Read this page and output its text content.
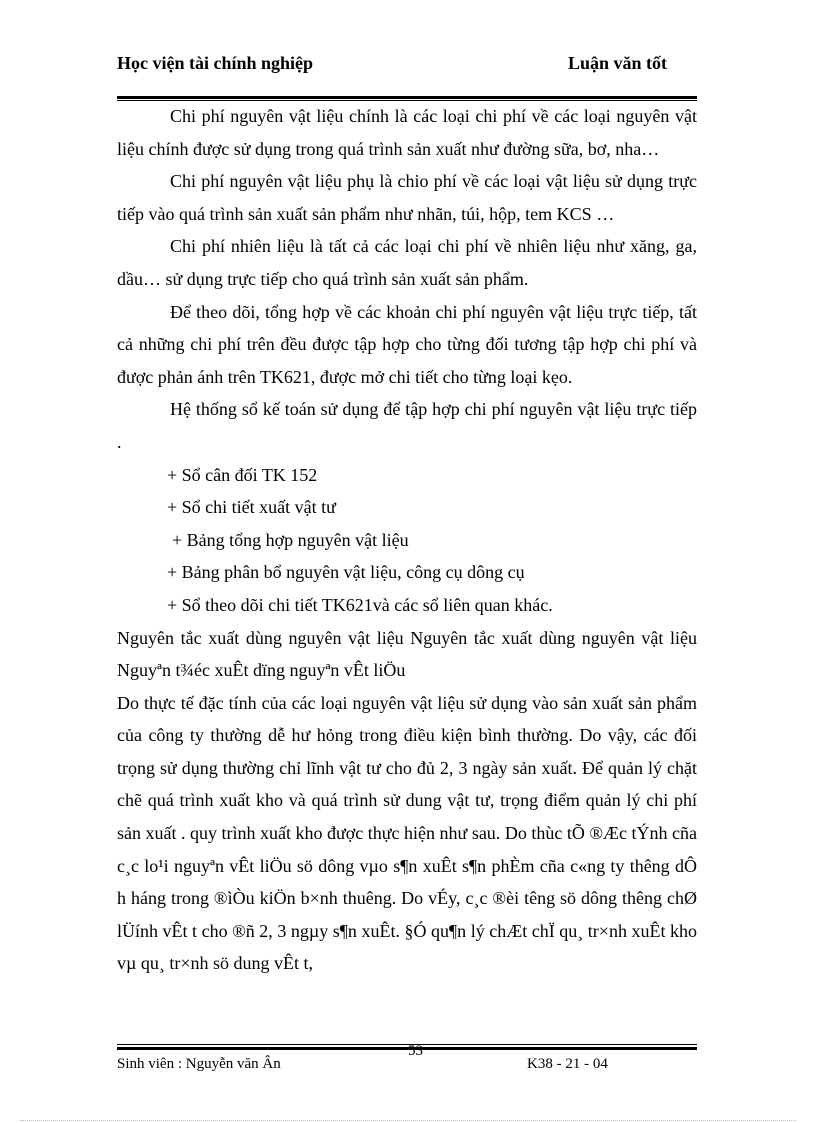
Học viện tài chính nghiệp	Luận văn tốt

Chi phí nguyên vật liệu chính là các loại chi phí về các loại nguyên vật liệu chính được sử dụng trong quá trình sản xuất như đường sữa, bơ, nha…

Chi phí nguyên vật liệu phụ là chio phí về các loại vật liệu sử dụng trực tiếp vào quá trình sản xuất sản phẩm như nhãn, túi, hộp, tem KCS …

Chi phí nhiên liệu là tất cả các loại chi phí về nhiên liệu như xăng, ga, dầu… sử dụng trực tiếp cho quá trình sản xuất sản phẩm.

Để theo dõi, tổng hợp về các khoản chi phí nguyên vật liệu trực tiếp, tất cả những chi phí trên đều được tập hợp cho từng đối tương tập hợp chi phí và được phản ánh trên TK621, được mở chi tiết cho từng loại kẹo.

Hệ thống sổ kế toán sử dụng để tập hợp chi phí nguyên vật liệu trực tiếp .

+ Sổ cân đối TK 152

+ Sổ chi tiết xuất vật tư

+ Bảng tổng hợp nguyên vật liệu

+ Bảng phân bổ nguyên vật liệu, công cụ dông cụ

+ Sổ theo dõi chi tiết TK621và các sổ liên quan khác.

Nguyên tắc xuất dùng nguyên vật liệu Nguyên tắc xuất dùng nguyên vật liệu Nguyªn t¾éc xuÊt dïng nguyªn vÊt liÖu

Do thực tế đặc tính của các loại nguyên vật liệu sử dụng vào sản xuất sản phẩm của công ty thường dễ hư hỏng trong điều kiện bình thường. Do vậy, các đối trọng sử dụng thường chỉ lĩnh vật tư cho đủ 2, 3 ngày sản xuất. Để quản lý chặt chẽ quá trình xuất kho và quá trình sử dung vật tư, trọng điểm quản lý chi phí sản xuất . quy trình xuất kho được thực hiện như sau. Do thùc tÕ ®Æc tÝnh cña c¸c lo¹i nguyªn vÊt liÖu sö dông vµo s¶n xuÊt s¶n phÈm cña c«ng ty thêng dÔ h háng trong ®ìÒu kiÖn b×nh thuêng. Do vÉy, c¸c ®èi têng sö dông thêng chØ lÜính vÊt t cho ®ñ 2, 3 ngµy s¶n xuÊt. §Ó qu¶n lý chÆt chÏ qu¸ tr×nh xuÊt kho vµ qu¸ tr×nh sö dung vÊt t,

Sinh viên : Nguyễn văn Ân
53
K38 - 21 - 04
